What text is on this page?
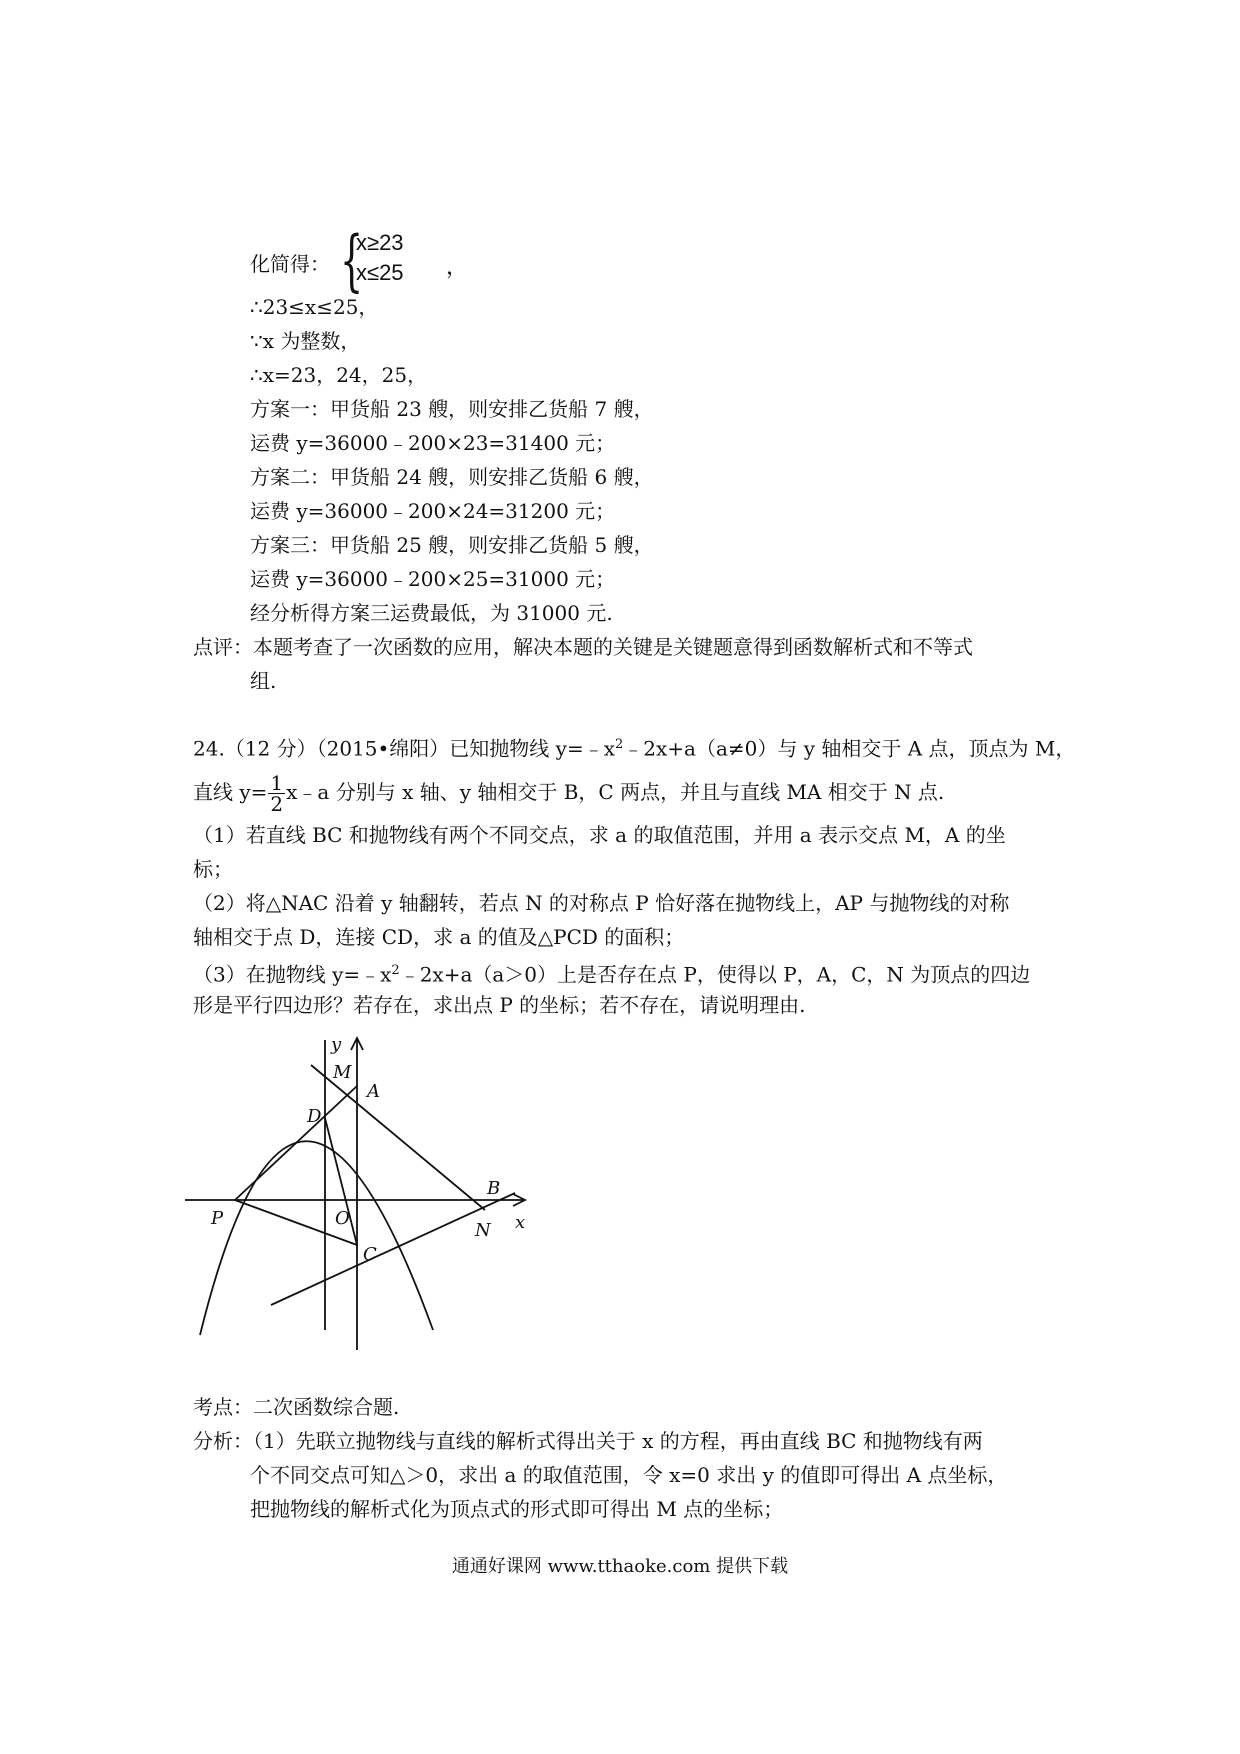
化简得： {
x≥23
x≤25 ，
∴23≤x≤25，
∵x 为整数，
∴x=23，24，25，
方案一：甲货船 23 艘，则安排乙货船 7 艘，
运费 y=36000﹣200×23=31400 元；
方案二：甲货船 24 艘，则安排乙货船 6 艘，
运费 y=36000﹣200×24=31200 元；
方案三：甲货船 25 艘，则安排乙货船 5 艘，
运费 y=36000﹣200×25=31000 元；
经分析得方案三运费最低，为 31000 元.
点评：本题考查了一次函数的应用，解决本题的关键是关键题意得到函数解析式和不等式
组.
24.（12 分）（2015•绵阳）已知抛物线 $y=﹣x^2﹣2x+a(a\ne 0)$与 y 轴相交于 A 点，顶点为 M，
直线 $y= \frac{1}{2}$ x﹣a 分别与 x 轴、y 轴相交于 B，C 两点，并且与直线 MA 相交于 N 点.
（1）若直线 BC 和抛物线有两个不同交点，求 a 的取值范围，并用 a 表示交点 M，A 的坐
标；
（2）将△NAC 沿着 y 轴翻转，若点 N 的对称点 P 恰好落在抛物线上，AP 与抛物线的对称
轴相交于点 D，连接 CD，求 a 的值及△PCD 的面积；
（3）在抛物线 $y=﹣x^2﹣2x+a(a>0)$上是否存在点 P，使得以 P，A，C，N 为顶点的四边
形是平行四边形？若存在，求出点 P 的坐标；若不存在，请说明理由.
y
x
M
A
D
B
O
P
N
C
考点：二次函数综合题.
分析：（1）先联立抛物线与直线的解析式得出关于 x 的方程，再由直线 BC 和抛物线有两
个不同交点可知△＞0，求出 a 的取值范围，令 x=0 求出 y 的值即可得出 A 点坐标，
把抛物线的解析式化为顶点式的形式即可得出 M 点的坐标；
通通好课网 www.tthaoke.com 提供下载
